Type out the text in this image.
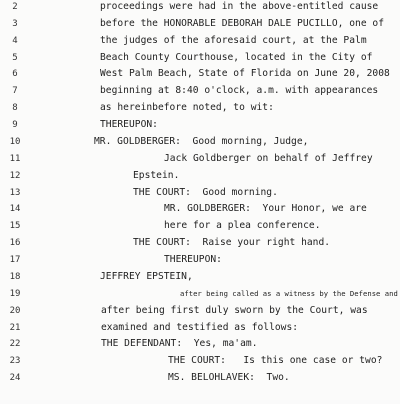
2	proceedings were had in the above-entitled cause
3	before the HONORABLE DEBORAH DALE PUCILLO, one of
4	the judges of the aforesaid court, at the Palm
5	Beach County Courthouse, located in the City of
6	West Palm Beach, State of Florida on June 20, 2008
7	beginning at 8:40 o'clock, a.m. with appearances
8	as hereinbefore noted, to wit:
9	THEREUPON:
10	MR. GOLDBERGER:  Good morning, Judge,
11	Jack Goldberger on behalf of Jeffrey
12	Epstein.
13	THE COURT:  Good morning.
14	MR. GOLDBERGER:  Your Honor, we are
15	here for a plea conference.
16	THE COURT:  Raise your right hand.
17	THEREUPON:
18	JEFFREY EPSTEIN,
19	after being called as a witness by the Defense and
20	after being first duly sworn by the Court, was
21	examined and testified as follows:
22	THE DEFENDANT:  Yes, ma'am.
23	THE COURT:   Is this one case or two?
24	MS. BELOHLAVEK:  Two.
